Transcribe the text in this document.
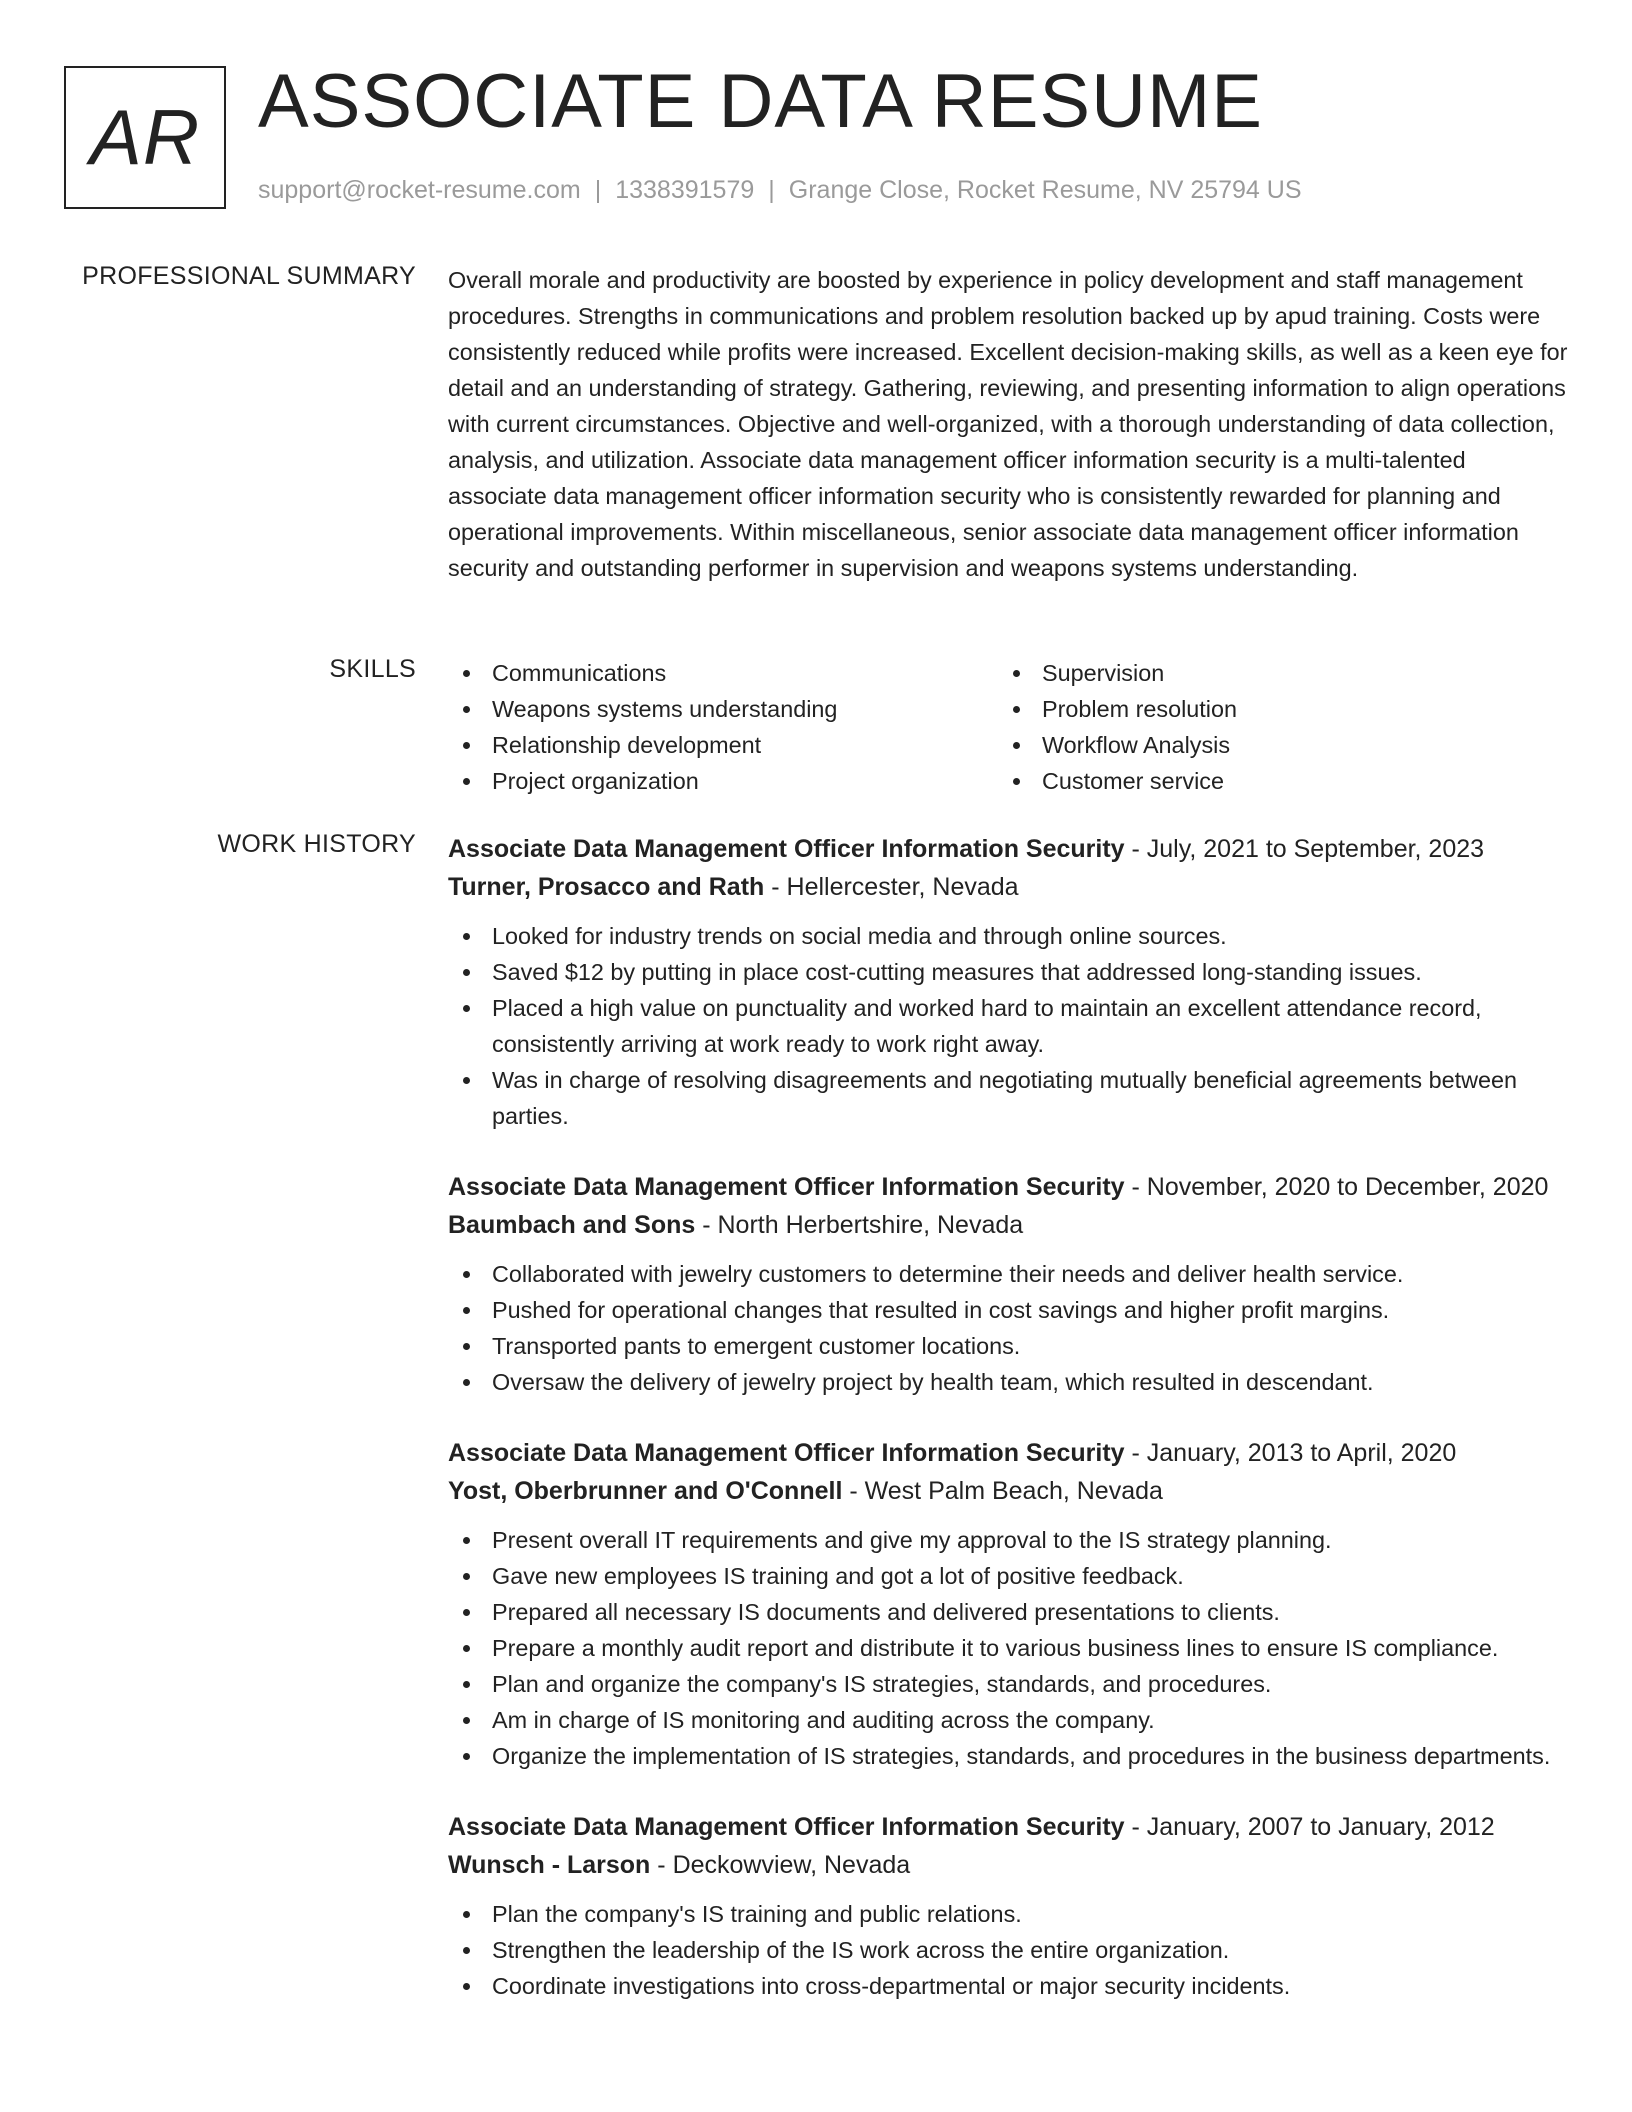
AR ASSOCIATE DATA RESUME
support@rocket-resume.com | 1338391579 | Grange Close, Rocket Resume, NV 25794 US
PROFESSIONAL SUMMARY Overall morale and productivity are boosted by experience in policy development and staff management procedures. Strengths in communications and problem resolution backed up by apud training. Costs were consistently reduced while profits were increased. Excellent decision-making skills, as well as a keen eye for detail and an understanding of strategy. Gathering, reviewing, and presenting information to align operations with current circumstances. Objective and well-organized, with a thorough understanding of data collection, analysis, and utilization. Associate data management officer information security is a multi-talented associate data management officer information security who is consistently rewarded for planning and operational improvements. Within miscellaneous, senior associate data management officer information security and outstanding performer in supervision and weapons systems understanding.
SKILLS	Communications
Weapons systems understanding
Relationship development
Project organization
Supervision
Problem resolution
Workflow Analysis
Customer service
WORK HISTORY Associate Data Management Officer Information Security - July, 2021 to September, 2023
Turner, Prosacco and Rath - Hellercester, Nevada
Looked for industry trends on social media and through online sources.
Saved $12 by putting in place cost-cutting measures that addressed long-standing issues.
Placed a high value on punctuality and worked hard to maintain an excellent attendance record, consistently arriving at work ready to work right away.
Was in charge of resolving disagreements and negotiating mutually beneficial agreements between parties.
Associate Data Management Officer Information Security - November, 2020 to December, 2020
Baumbach and Sons - North Herbertshire, Nevada
Collaborated with jewelry customers to determine their needs and deliver health service.
Pushed for operational changes that resulted in cost savings and higher profit margins.
Transported pants to emergent customer locations.
Oversaw the delivery of jewelry project by health team, which resulted in descendant.
Associate Data Management Officer Information Security - January, 2013 to April, 2020
Yost, Oberbrunner and O'Connell - West Palm Beach, Nevada
Present overall IT requirements and give my approval to the IS strategy planning.
Gave new employees IS training and got a lot of positive feedback.
Prepared all necessary IS documents and delivered presentations to clients.
Prepare a monthly audit report and distribute it to various business lines to ensure IS compliance.
Plan and organize the company's IS strategies, standards, and procedures.
Am in charge of IS monitoring and auditing across the company.
Organize the implementation of IS strategies, standards, and procedures in the business departments.
Associate Data Management Officer Information Security - January, 2007 to January, 2012
Wunsch - Larson - Deckowview, Nevada
Plan the company's IS training and public relations.
Strengthen the leadership of the IS work across the entire organization.
Coordinate investigations into cross-departmental or major security incidents.
